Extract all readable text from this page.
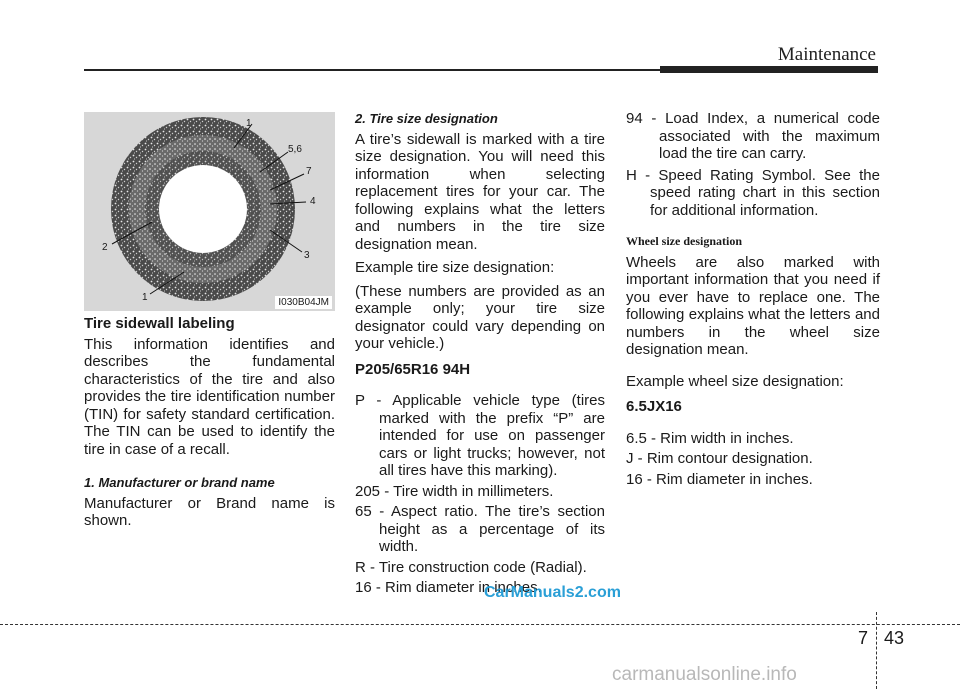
Maintenance
1
5,6
7
4
2
3
1	I030B04JM

Tire sidewall labeling

This information identifies and describes the fundamental characteristics of the tire and also provides the tire identification number (TIN) for safety standard certification. The TIN can be used to identify the tire in case of a recall.

1. Manufacturer or brand name

Manufacturer or Brand name is shown.

2. Tire size designation

A tire’s sidewall is marked with a tire size designation. You will need this information when selecting replacement tires for your car. The following explains what the letters and numbers in the tire size designation mean.

Example tire size designation:

(These numbers are provided as an example only; your tire size designator could vary depending on your vehicle.)

P205/65R16 94H

P - Applicable vehicle type (tires marked with the prefix “P” are intended for use on passenger cars or light trucks; however, not all tires have this marking).

205 - Tire width in millimeters.

65 - Aspect ratio. The tire’s section height as a percentage of its width.

R - Tire construction code (Radial).

16 - Rim diameter in inches.

94 - Load Index, a numerical code associated with the maximum load the tire can carry.

H - Speed Rating Symbol. See the speed rating chart in this section for additional information.

Wheel size designation

Wheels are also marked with important information that you need if you ever have to replace one. The following explains what the letters and numbers in the wheel size designation mean.

Example wheel size designation:

6.5JX16

6.5 - Rim width in inches.

J - Rim contour designation.

16 - Rim diameter in inches.

CarManuals2.com
7 43
carmanualsonline.info
